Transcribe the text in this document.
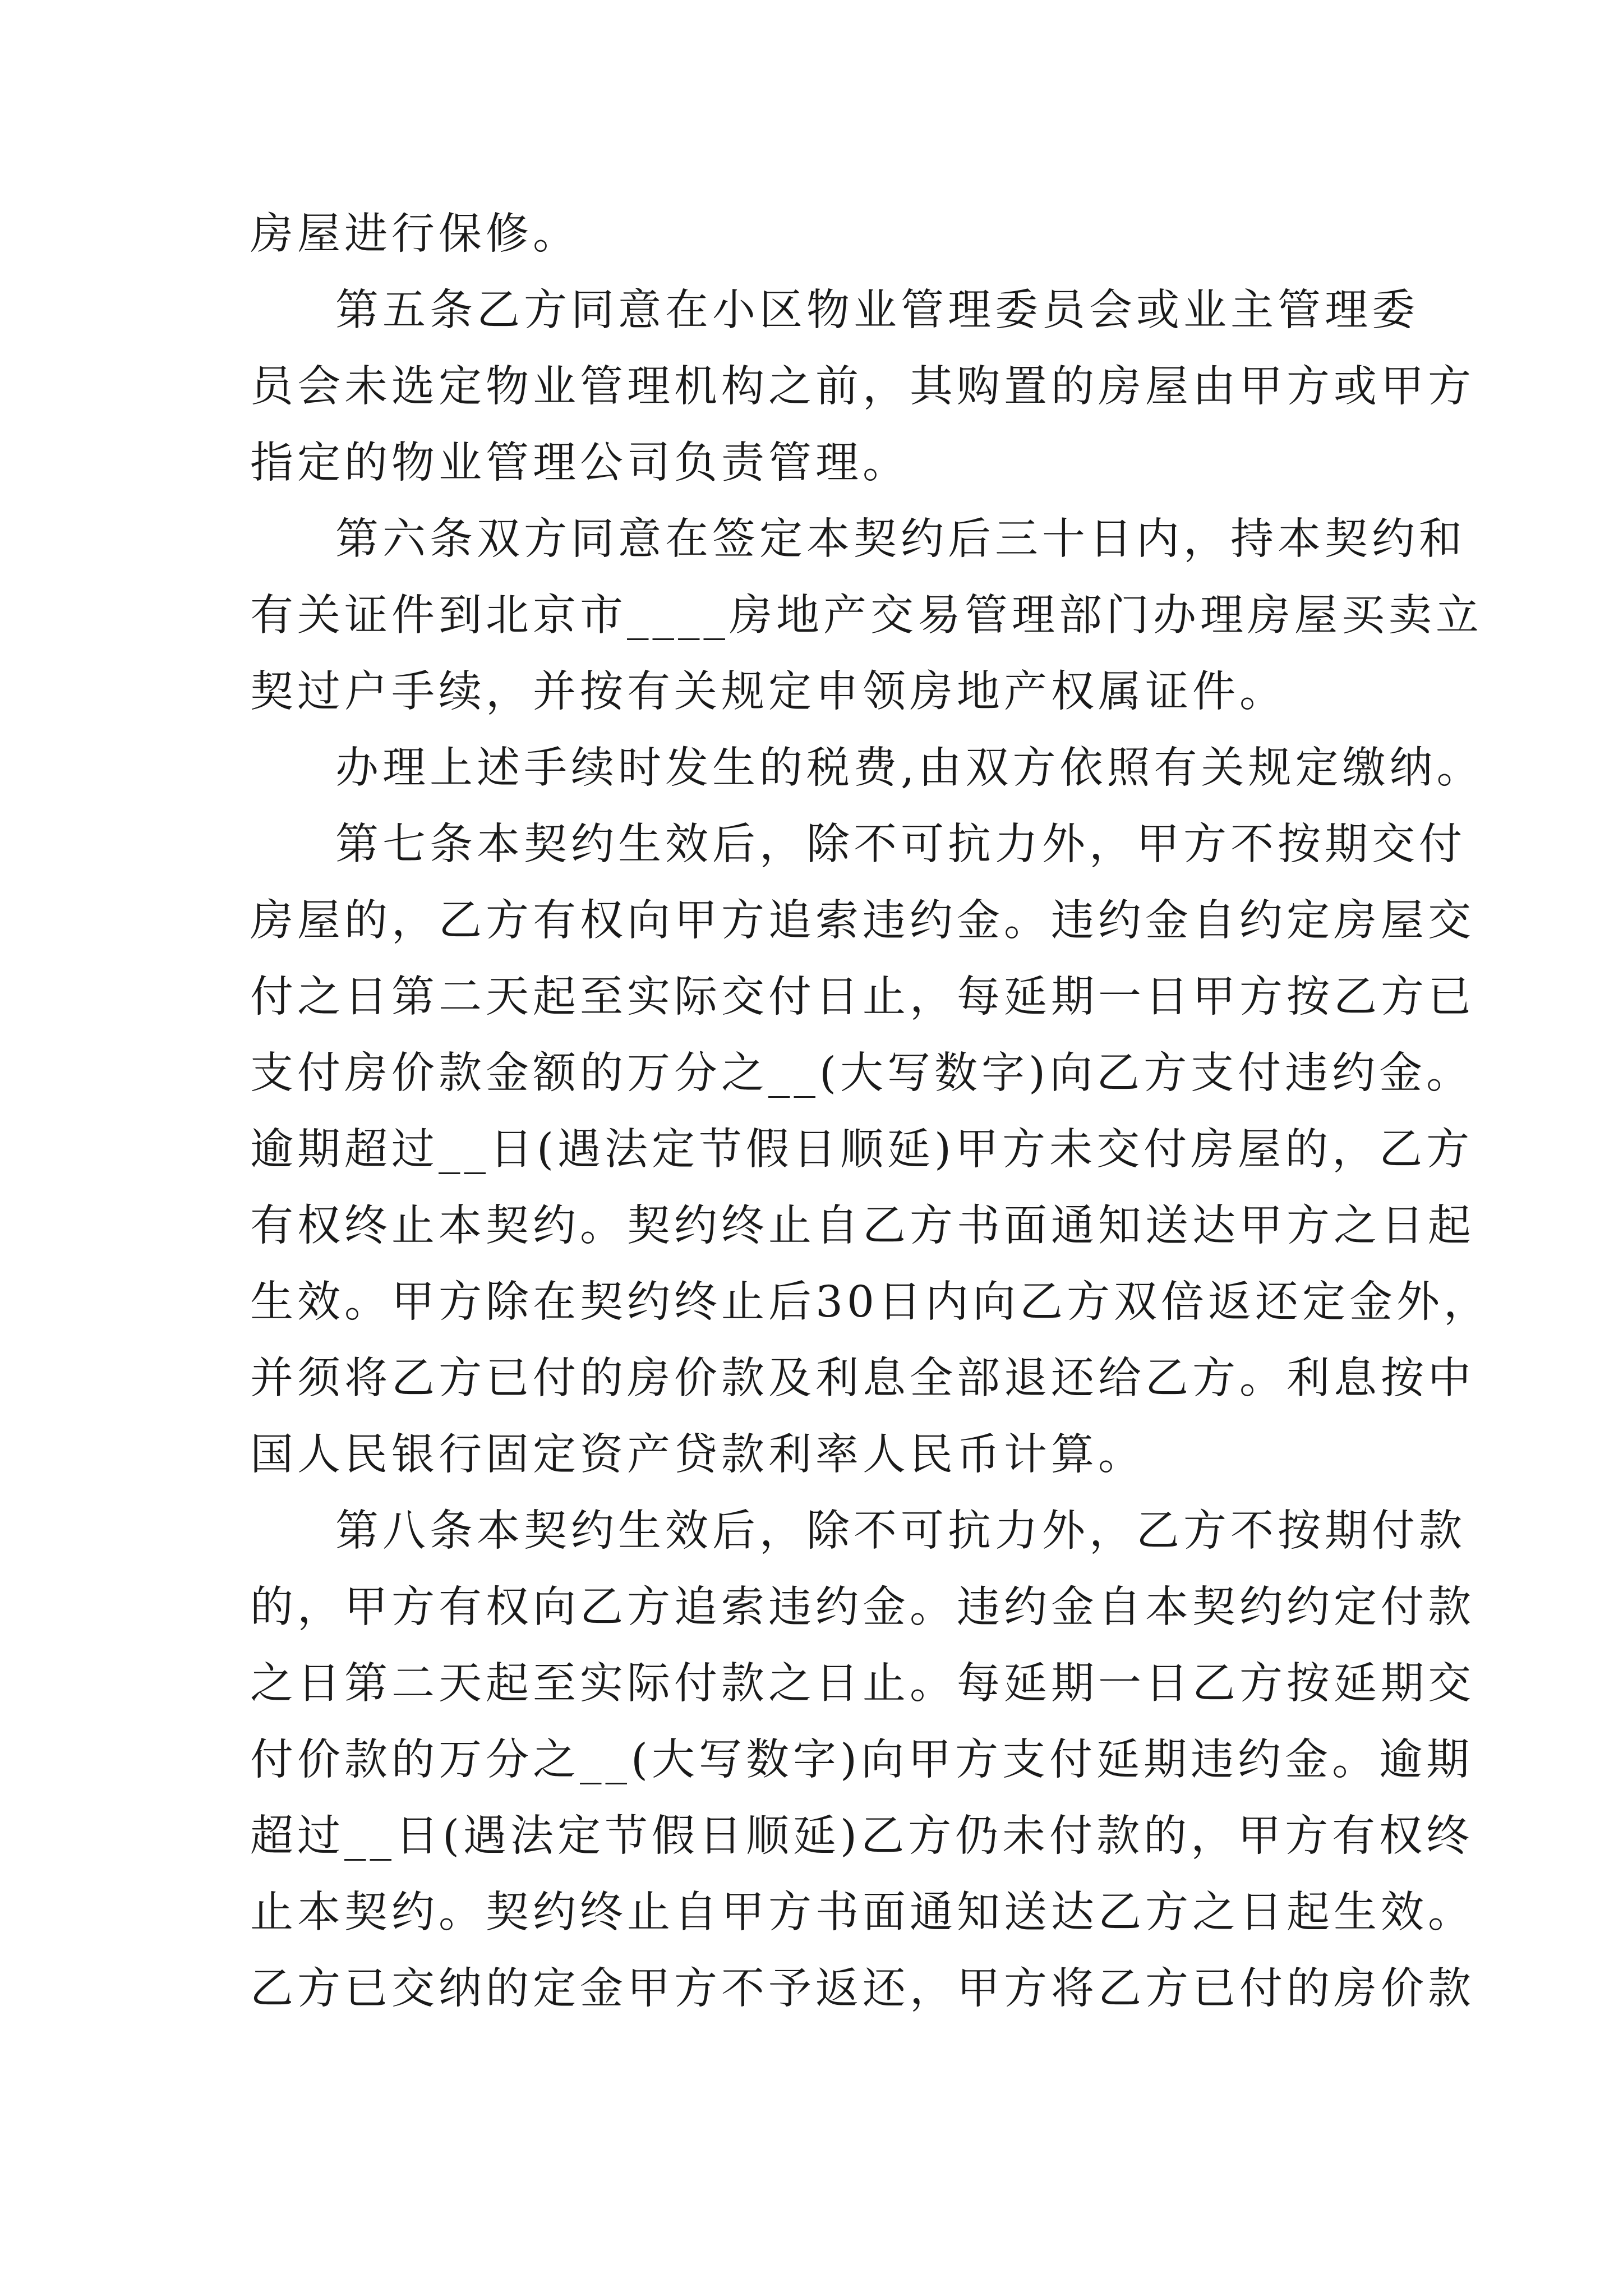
房屋进行保修。
第五条乙方同意在小区物业管理委员会或业主管理委
员会未选定物业管理机构之前，其购置的房屋由甲方或甲方
指定的物业管理公司负责管理。
第六条双方同意在签定本契约后三十日内，持本契约和
有关证件到北京市____房地产交易管理部门办理房屋买卖立
契过户手续，并按有关规定申领房地产权属证件。
办理上述手续时发生的税费,由双方依照有关规定缴纳。
第七条本契约生效后，除不可抗力外，甲方不按期交付
房屋的，乙方有权向甲方追索违约金。违约金自约定房屋交
付之日第二天起至实际交付日止，每延期一日甲方按乙方已
支付房价款金额的万分之__(大写数字)向乙方支付违约金。
逾期超过__日(遇法定节假日顺延)甲方未交付房屋的，乙方
有权终止本契约。契约终止自乙方书面通知送达甲方之日起
生效。甲方除在契约终止后30日内向乙方双倍返还定金外，
并须将乙方已付的房价款及利息全部退还给乙方。利息按中
国人民银行固定资产贷款利率人民币计算。
第八条本契约生效后，除不可抗力外，乙方不按期付款
的，甲方有权向乙方追索违约金。违约金自本契约约定付款
之日第二天起至实际付款之日止。每延期一日乙方按延期交
付价款的万分之__(大写数字)向甲方支付延期违约金。逾期
超过__日(遇法定节假日顺延)乙方仍未付款的，甲方有权终
止本契约。契约终止自甲方书面通知送达乙方之日起生效。
乙方已交纳的定金甲方不予返还，甲方将乙方已付的房价款
